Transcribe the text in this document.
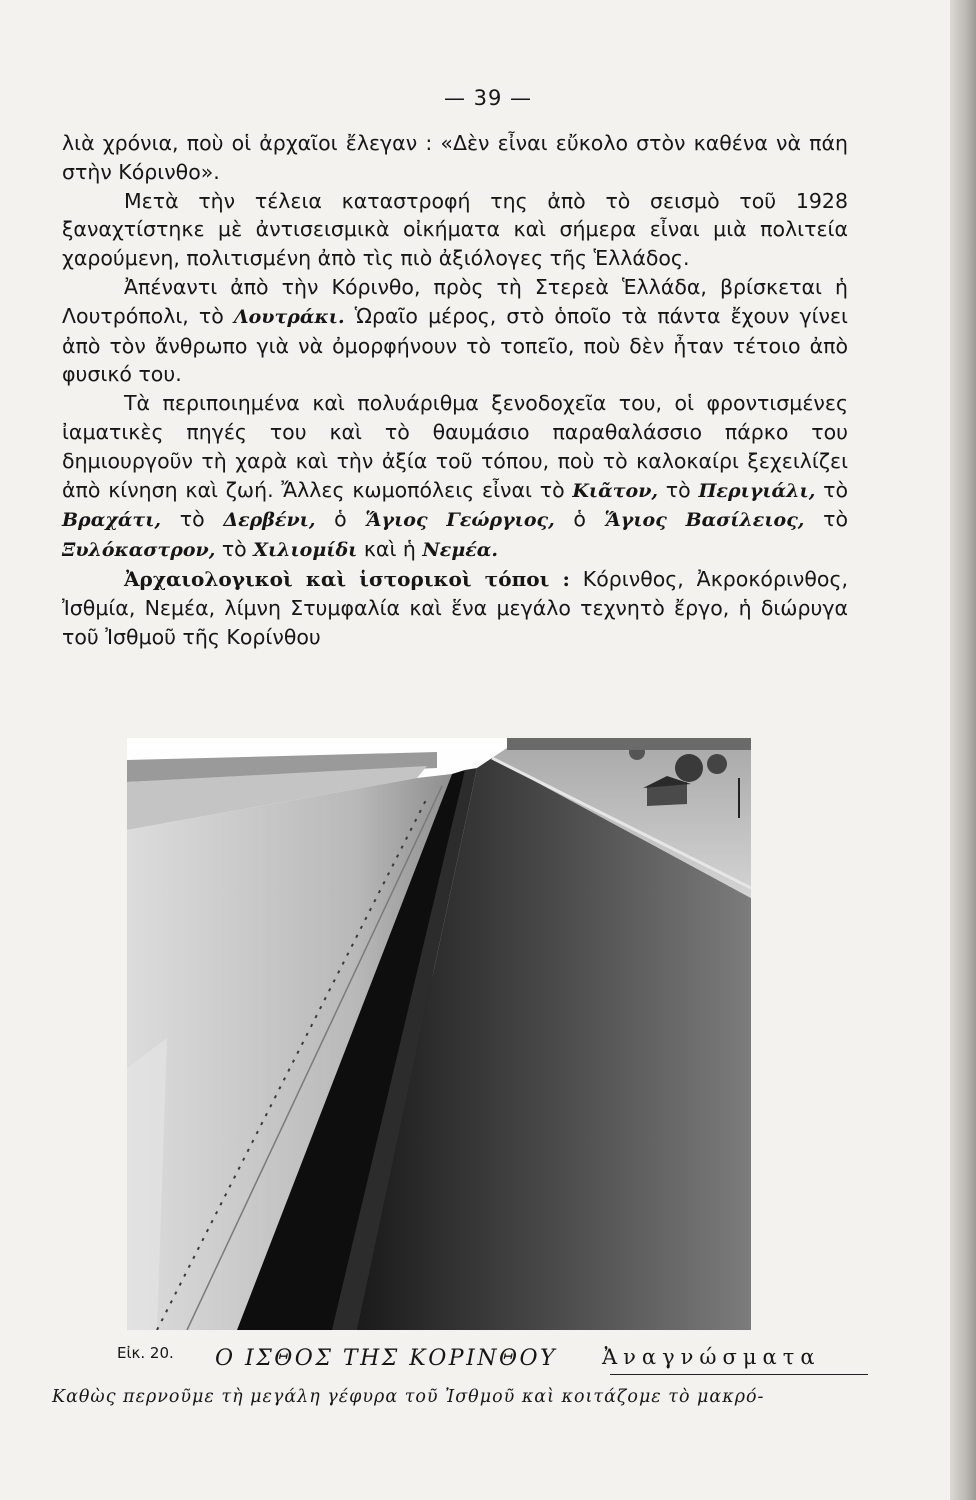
— 39 —

λιὰ χρόνια, ποὺ οἱ ἀρχαῖοι ἔλεγαν : «Δὲν εἶναι εὔκολο στὸν καθένα νὰ πάη στὴν Κόρινθο».

Μετὰ τὴν τέλεια καταστροφή της ἀπὸ τὸ σεισμὸ τοῦ 1928 ξαναχτίστηκε μὲ ἀντισεισμικὰ οἰκήματα καὶ σήμερα εἶναι μιὰ πολιτεία χαρούμενη, πολιτισμένη ἀπὸ τὶς πιὸ ἀξιόλογες τῆς Ἑλλάδος.

Ἀπέναντι ἀπὸ τὴν Κόρινθο, πρὸς τὴ Στερεὰ Ἑλλάδα, βρίσκεται ἡ Λουτρόπολι, τὸ Λουτράκι. Ὡραῖο μέρος, στὸ ὁποῖο τὰ πάντα ἔχουν γίνει ἀπὸ τὸν ἄνθρωπο γιὰ νὰ ὀμορφήνουν τὸ τοπεῖο, ποὺ δὲν ἦταν τέτοιο ἀπὸ φυσικό του.

Τὰ περιποιημένα καὶ πολυάριθμα ξενοδοχεῖα του, οἱ φροντισμένες ἰαματικὲς πηγές του καὶ τὸ θαυμάσιο παραθαλάσσιο πάρκο του δημιουργοῦν τὴ χαρὰ καὶ τὴν ἀξία τοῦ τόπου, ποὺ τὸ καλοκαίρι ξεχειλίζει ἀπὸ κίνηση καὶ ζωή. Ἄλλες κωμοπόλεις εἶναι τὸ Κιᾶτον, τὸ Περιγιάλι, τὸ Βραχάτι, τὸ Δερβένι, ὁ Ἅγιος Γεώργιος, ὁ Ἅγιος Βασίλειος, τὸ Ξυλόκαστρον, τὸ Χιλιομίδι καὶ ἡ Νεμέα.

Ἀρχαιολογικοὶ καὶ ἱστορικοὶ τόποι : Κόρινθος, Ἀκροκόρινθος, Ἰσθμία, Νεμέα, λίμνη Στυμφαλία καὶ ἕνα μεγάλο τεχνητὸ ἔργο, ἡ διώρυγα τοῦ Ἰσθμοῦ τῆς Κορίνθου

Εἰκ. 20. Ο ΙΣΘΟΣ ΤΗΣ ΚΟΡΙΝΘΟΥ Ἀναγνώσματα
Καθὼς περνοῦμε τὴ μεγάλη γέφυρα τοῦ Ἰσθμοῦ καὶ κοιτάζομε τὸ μακρό-
